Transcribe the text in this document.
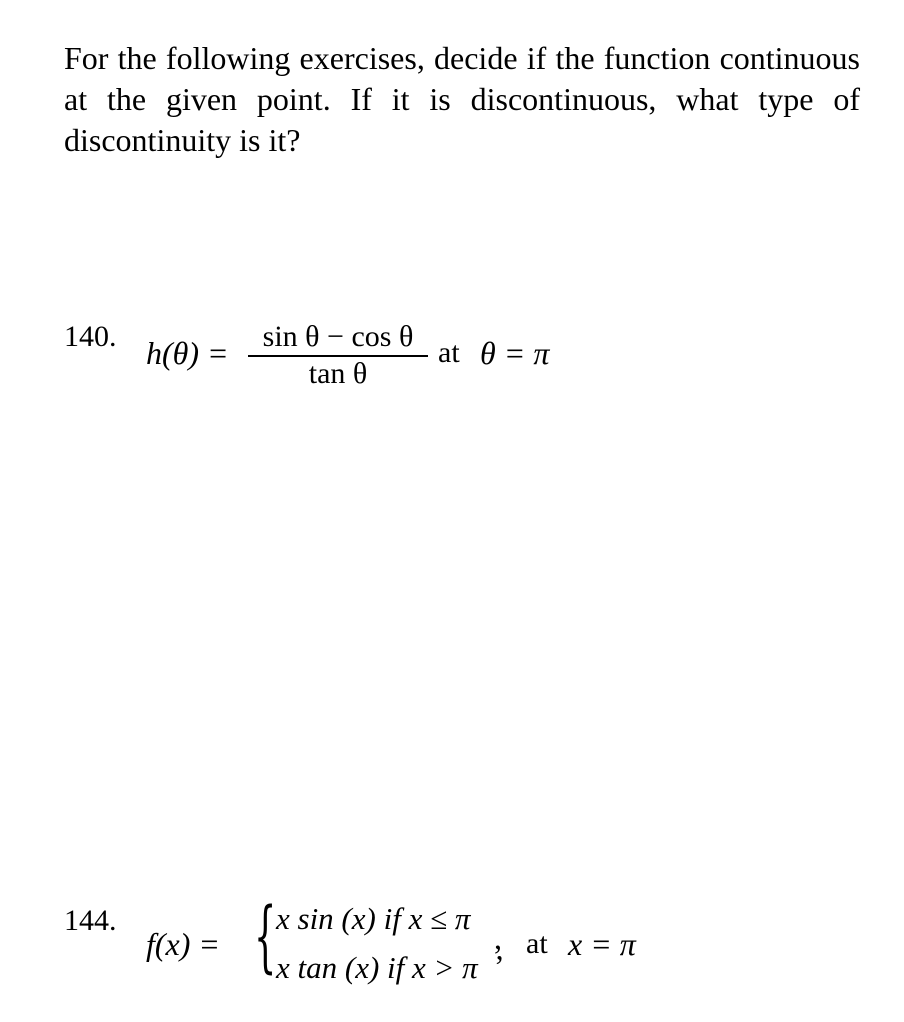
For the following exercises, decide if the function continuous at the given point. If it is discontinuous, what type of discontinuity is it?

140. h(θ) =	sin θ − cos θ
tan θ
at θ = π
144.
f(x) = { x sin (x) if x ≤ π
x tan (x) if x > π
,
’
at x = π
